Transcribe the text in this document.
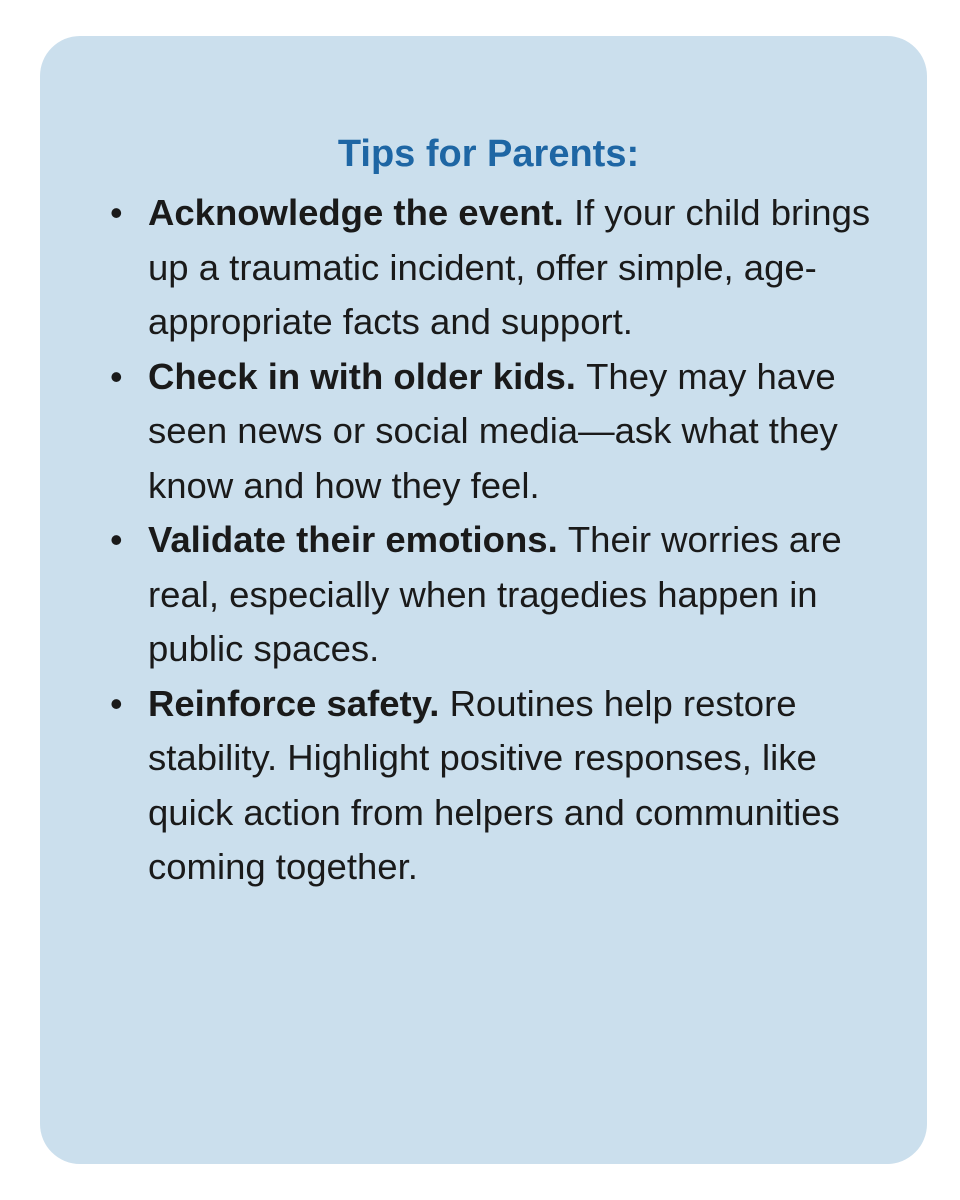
Tips for Parents:
• Acknowledge the event. If your child brings up a traumatic incident, offer simple, age-appropriate facts and support.
• Check in with older kids. They may have seen news or social media—ask what they know and how they feel.
• Validate their emotions. Their worries are real, especially when tragedies happen in public spaces.
• Reinforce safety. Routines help restore stability. Highlight positive responses, like quick action from helpers and communities coming together.
